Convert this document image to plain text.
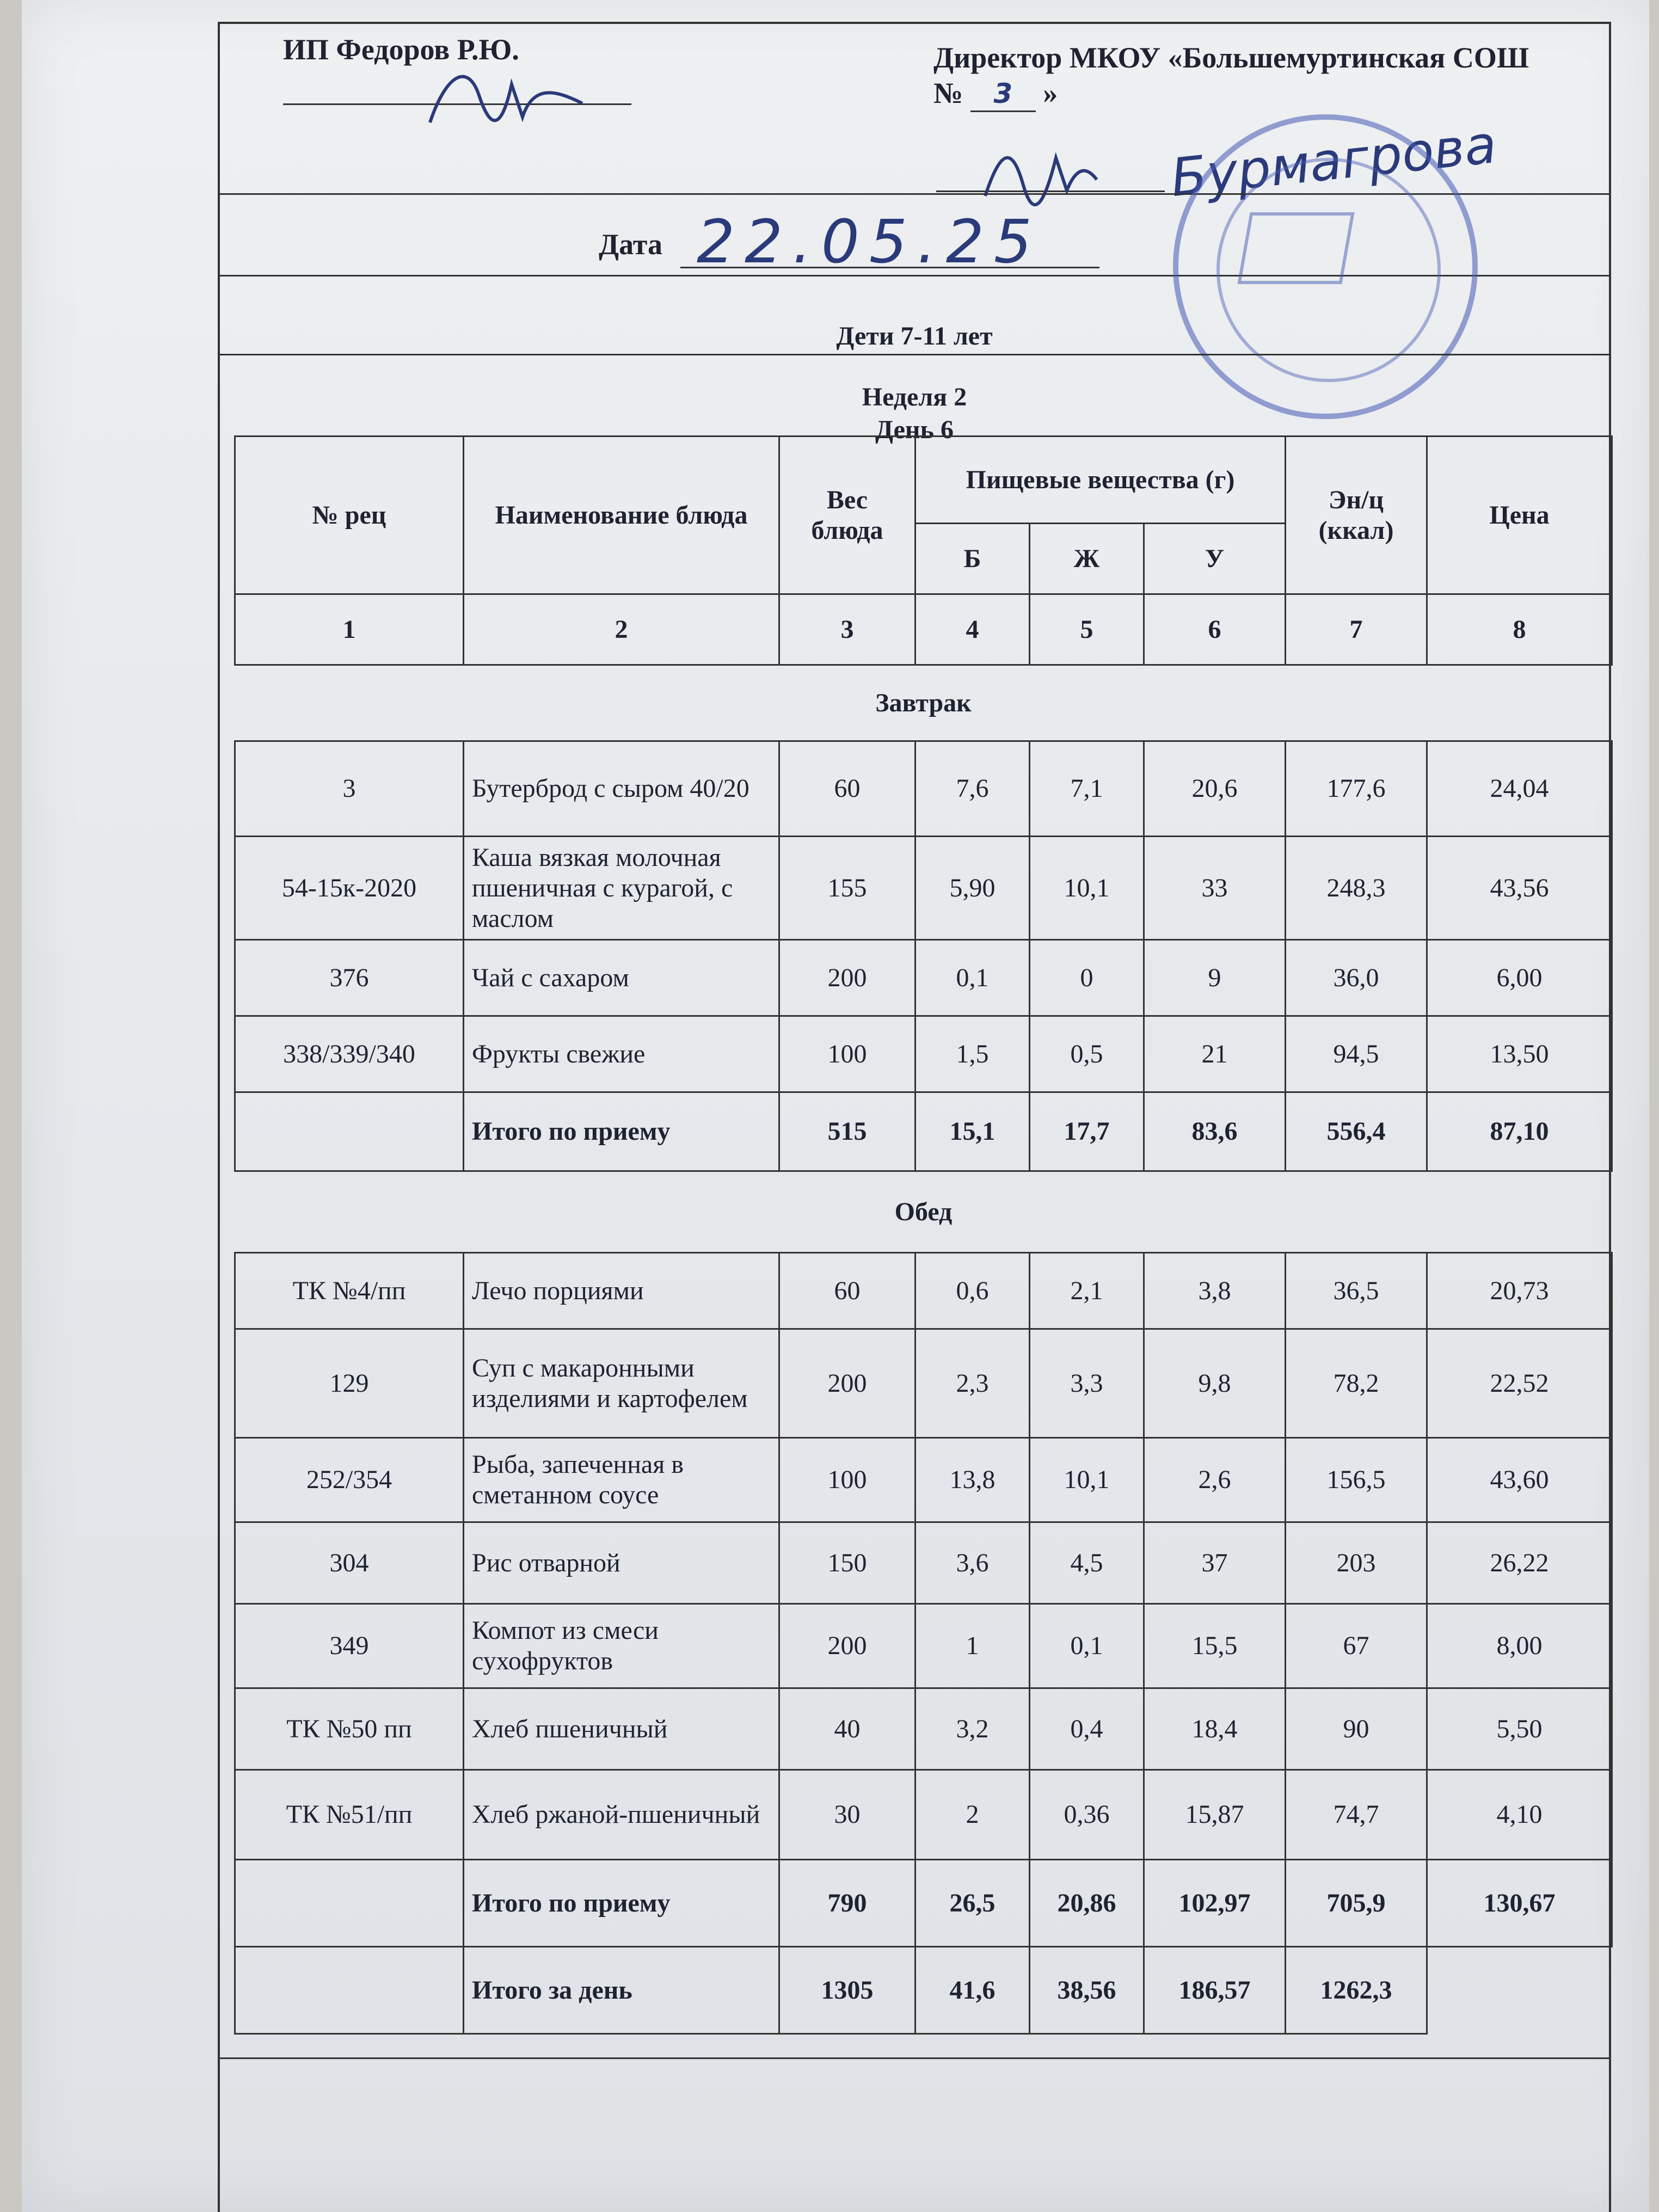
ИП Федоров Р.Ю.	Директор МКОУ «Большемуртинская СОШ
№ 3 »
Бурмагрова
Дата 22.05.25
Дети 7-11 лет
Неделя 2
День 6
№ рец	Наименование блюда	Вес блюда	Пищевые вещества (г)			Эн/ц (ккал)	Цена
			Б	Ж	У		
1	2	3	4	5	6	7	8
Завтрак							
3	Бутерброд с сыром 40/20	60	7,6	7,1	20,6	177,6	24,04
54-15к-2020	Каша вязкая молочная пшеничная с курагой, с маслом	155	5,90	10,1	33	248,3	43,56
376	Чай с сахаром	200	0,1	0	9	36,0	6,00
338/339/340	Фрукты свежие	100	1,5	0,5	21	94,5	13,50
	Итого по приему	515	15,1	17,7	83,6	556,4	87,10
Обед							
ТК №4/пп	Лечо порциями	60	0,6	2,1	3,8	36,5	20,73
129	Суп с макаронными изделиями и картофелем	200	2,3	3,3	9,8	78,2	22,52
252/354	Рыба, запеченная в сметанном соусе	100	13,8	10,1	2,6	156,5	43,60
304	Рис отварной	150	3,6	4,5	37	203	26,22
349	Компот из смеси сухофруктов	200	1	0,1	15,5	67	8,00
ТК №50 пп	Хлеб пшеничный	40	3,2	0,4	18,4	90	5,50
ТК №51/пп	Хлеб ржаной-пшеничный	30	2	0,36	15,87	74,7	4,10
	Итого по приему	790	26,5	20,86	102,97	705,9	130,67
	Итого за день	1305	41,6	38,56	186,57	1262,3	
